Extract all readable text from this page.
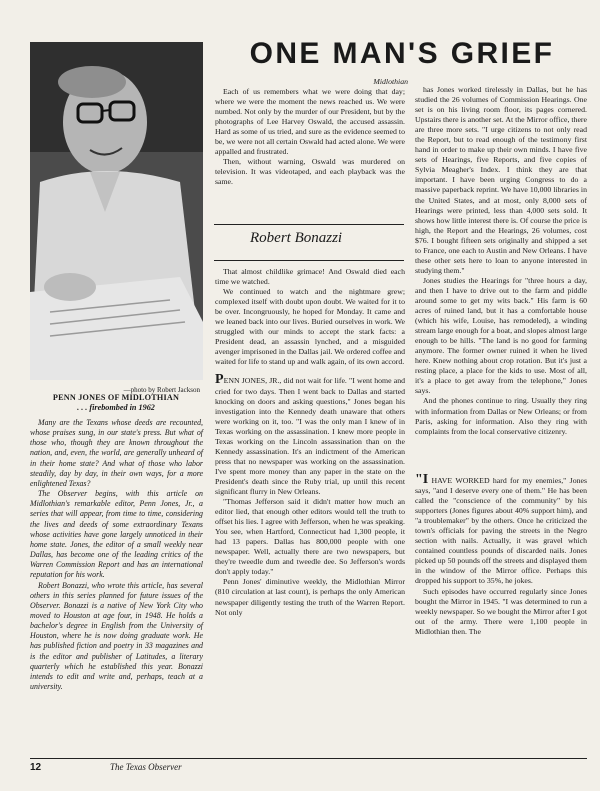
—photo by Robert Jackson
PENN JONES OF MIDLOTHIAN
. . . firebombed in 1962

Many are the Texans whose deeds are recounted, whose praises sung, in our state's press. But what of those who, though they are known throughout the nation, and, even, the world, are generally unheard of in their home state? And what of those who labor steadily, day by day, in their own ways, for a more enlightened Texas?

The Observer begins, with this article on Midlothian's remarkable editor, Penn Jones, Jr., a series that will appear, from time to time, considering the lives and deeds of some extraordinary Texans whose activities have gone largely unnoticed in their home state. Jones, the editor of a small weekly near Dallas, has become one of the leading critics of the Warren Commission Report and has an international reputation for his work.

Robert Bonazzi, who wrote this article, has several others in this series planned for future issues of the Observer. Bonazzi is a native of New York City who moved to Houston at age four, in 1948. He holds a bachelor's degree in English from the University of Houston, where he is now doing graduate work. He has published fiction and poetry in 33 magazines and is the editor and publisher of Latitudes, a literary quarterly which he established this year. Bonazzi intends to edit and write and, perhaps, teach at a university.

ONE MAN'S GRIEF
Midlothian

Each of us remembers what we were doing that day; where we were the moment the news reached us. We were numbed. Not only by the murder of our President, but by the photographs of Lee Harvey Oswald, the accused assassin. Hard as some of us tried, and sure as the evidence seemed to be, we were not all certain Oswald had acted alone. We were appalled and frustrated.

Then, without warning, Oswald was murdered on television. It was videotaped, and each playback was the same.

Robert Bonazzi

That almost childlike grimace! And Oswald died each time we watched.

We continued to watch and the nightmare grew; complexed itself with doubt upon doubt. We waited for it to be over. Incongruously, he hoped for Monday. It came and we leaned back into our lives. Buried ourselves in work. We struggled with our minds to accept the stark facts: a President dead, an assassin lynched, and a misguided avenger imprisoned in the Dallas jail. We ordered coffee and waited for life to stand up and walk again, of its own accord.

PENN JONES, JR., did not wait for life. "I went home and cried for two days. Then I went back to Dallas and started knocking on doors and asking questions," Jones began his investigation into the Kennedy death unaware that others were working on it, too. "I was the only man I knew of in Texas working on the assassination. I knew more people in Texas working on the Lincoln assassination than on the Kennedy assassination. It's an indictment of the American press that no newspaper was working on the assassination. I've spent more money than any paper in the state on the President's death since the Ruby trial, up until this recent significant flurry in New Orleans.

"Thomas Jefferson said it didn't matter how much an editor lied, that enough other editors would tell the truth to offset his lies. I agree with Jefferson, when he was speaking. You see, when Hartford, Connecticut had 1,300 people, it had 13 papers. Dallas has 800,000 people with one newspaper. Well, actually there are two newspapers, but they're tweedle dum and tweedle dee. So Jefferson's words don't apply today."

Penn Jones' diminutive weekly, the Midlothian Mirror (810 circulation at last count), is perhaps the only American newspaper diligently testing the truth of the Warren Report. Not only

has Jones worked tirelessly in Dallas, but he has studied the 26 volumes of Commission Hearings. One set is on his living room floor, its pages cornered. Upstairs there is another set. At the Mirror office, there are three more sets. "I urge citizens to not only read the Report, but to read enough of the testimony first hand in order to make up their own minds. I have five sets of Hearings, five Reports, and five copies of Sylvia Meagher's Index. I think they are that important. I have been urging Congress to do a massive paperback reprint. We have 10,000 libraries in the United States, and at most, only 8,000 sets of Hearings were printed, less than 4,000 sets sold. It shows how little interest there is. Of course the price is high, the Report and the Hearings, 26 volumes, cost $76. I bought fifteen sets originally and shipped a set to France, one each to Austin and New Orleans. I have these other sets here to loan to anyone interested in studying them."

Jones studies the Hearings for "three hours a day, and then I have to drive out to the farm and piddle around some to get my wits back." His farm is 60 acres of ruined land, but it has a comfortable house (which his wife, Louise, has remodeled), a winding stream large enough for a boat, and slopes almost large enough to be hills. "The land is no good for farming anymore. The former owner ruined it when he lived here. Knew nothing about crop rotation. But it's just a resting place, a place for the kids to use. Most of all, it's a place to get away from the telephone," Jones says.

And the phones continue to ring. Usually they ring with information from Dallas or New Orleans; or from Paris, asking for information. Also they ring with complaints from the local conservative citizenry.

"I HAVE WORKED hard for my enemies," Jones says, "and I deserve every one of them." He has been called the "conscience of the community" by his supporters (Jones figures about 40% support him), and "a troublemaker" by the others. Once he criticized the town's officials for paving the streets in the Negro section with nails. Actually, it was gravel which contained countless pounds of discarded nails. Jones picked up 50 pounds off the streets and displayed them in the window of the Mirror office. Perhaps this dropped his support to 35%, he jokes.

Such episodes have occurred regularly since Jones bought the Mirror in 1945. "I was determined to run a weekly newspaper. So we bought the Mirror after I got out of the army. There were 1,100 people in Midlothian then. The

12	The Texas Observer
